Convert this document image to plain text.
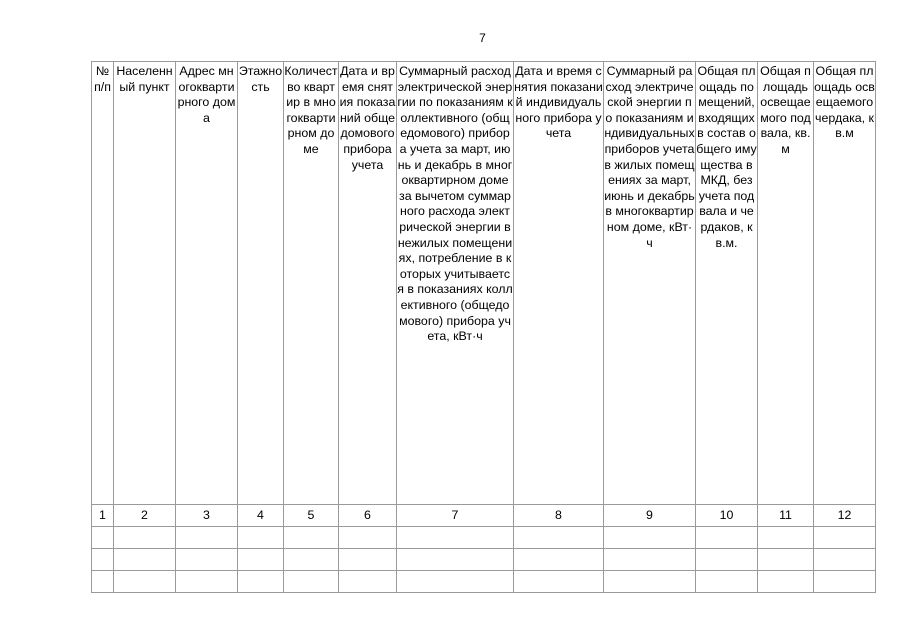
7
№ п/п	Населенный пункт	Адрес многоквартирного дома	Этажность	Количество квартир в многоквартирном доме	Дата и время снятия показаний общедомового прибора учета	Суммарный расход электрической энергии по показаниям коллективного (общедомового) прибора учета за март, июнь и декабрь в многоквартирном доме за вычетом суммарного расхода электрической энергии в нежилых помещениях, потребление в которых учитывается в показаниях коллективного (общедомового) прибора учета, кВт·ч	Дата и время снятия показаний индивидуального прибора учета	Суммарный расход электрической энергии по показаниям индивидуальных приборов учета в жилых помещениях за март, июнь и декабрь в многоквартирном доме, кВт·ч	Общая площадь помещений, входящих в состав общего имущества в МКД, без учета подвала и чердаков, кв.м.	Общая площадь освещаемого подвала, кв.м	Общая площадь освещаемого чердака, кв.м

1	2	3	4	5	6	7	8	9	10	11	12
